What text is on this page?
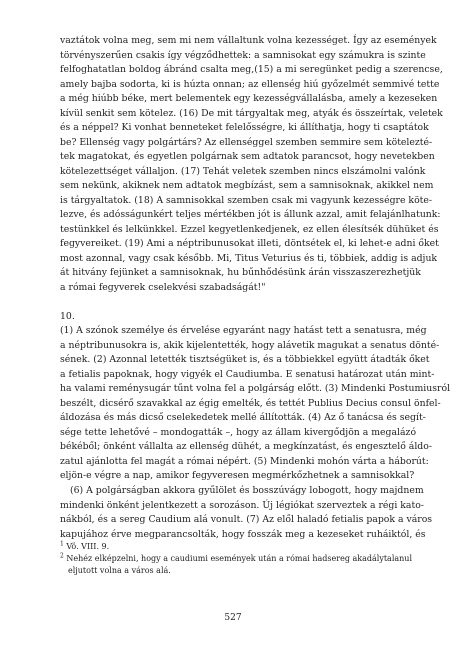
vaztátok volna meg, sem mi nem vállaltunk volna kezességet. Így az események
törvényszerűen csakis így végződhettek: a samnisokat egy számukra is szinte
felfoghatatlan boldog ábránd csalta meg,(15) a mi seregünket pedig a szerencse,
amely bajba sodorta, ki is húzta onnan; az ellenség hiú győzelmét semmivé tette
a még hiúbb béke, mert belementek egy kezességvállalásba, amely a kezeseken
kívül senkit sem kötelez. (16) De mit tárgyaltak meg, atyák és összeírtak, veletek
és a néppel? Ki vonhat benneteket felelősségre, ki állíthatja, hogy ti csaptátok
be? Ellenség vagy polgártárs? Az ellenséggel szemben semmire sem kötelezté-
tek magatokat, és egyetlen polgárnak sem adtatok parancsot, hogy nevetekben
kötelezettséget vállaljon. (17) Tehát veletek szemben nincs elszámolni valónk
sem nekünk, akiknek nem adtatok megbízást, sem a samnisoknak, akikkel nem
is tárgyaltatok. (18) A samnisokkal szemben csak mi vagyunk kezességre köte-
lezve, és adósságunkért teljes mértékben jót is állunk azzal, amit felajánlhatunk:
testünkkel és lelkünkkel. Ezzel kegyetlenkedjenek, ez ellen élesítsék dühüket és
fegyvereiket. (19) Ami a néptribunusokat illeti, döntsétek el, ki lehet-e adni őket
most azonnal, vagy csak később. Mi, Titus Veturius és ti, többiek, addig is adjuk
át hitvány fejünket a samnisoknak, hu bűnhődésünk árán visszaszerezhetjük
a római fegyverek cselekvési szabadságát!"
10.
(1) A szónok személye és érvelése egyaránt nagy hatást tett a senatusra, még
a néptribunusokra is, akik kijelentették, hogy alávetik magukat a senatus dönté-
sének. (2) Azonnal letették tisztségüket is, és a többiekkel együtt átadták őket
a fetialis papoknak, hogy vigyék el Caudiumba. E senatusi határozat után mint-
ha valami reménysugár tűnt volna fel a polgárság előtt. (3) Mindenki Postumiusról
beszélt, dicsérő szavakkal az égig emelték, és tettét Publius Decius consul önfel-
áldozása és más dicső cselekedetek mellé állították. (4) Az ő tanácsa és segít-
sége tette lehetővé – mondogatták –, hogy az állam kivergődjön a megalázó
békéből; önként vállalta az ellenség dühét, a megkínzatást, és engesztelő áldo-
zatul ajánlotta fel magát a római népért. (5) Mindenki mohón várta a háborút:
eljön-e végre a nap, amikor fegyveresen megmérkőzhetnek a samnisokkal?
(6) A polgárságban akkora gyűlölet és bosszúvágy lobogott, hogy majdnem
mindenki önként jelentkezett a sorozáson. Új légiókat szerveztek a régi kato-
nákból, és a sereg Caudium alá vonult. (7) Az elől haladó fetialis papok a város
kapujához érve megparancsolták, hogy fosszák meg a kezeseket ruháiktól, és
$^1$ Vö. VIII. 9.
$^2$ Nehéz elképzelni, hogy a caudiumi események után a római hadsereg akadálytalanul
eljutott volna a város alá.
527
